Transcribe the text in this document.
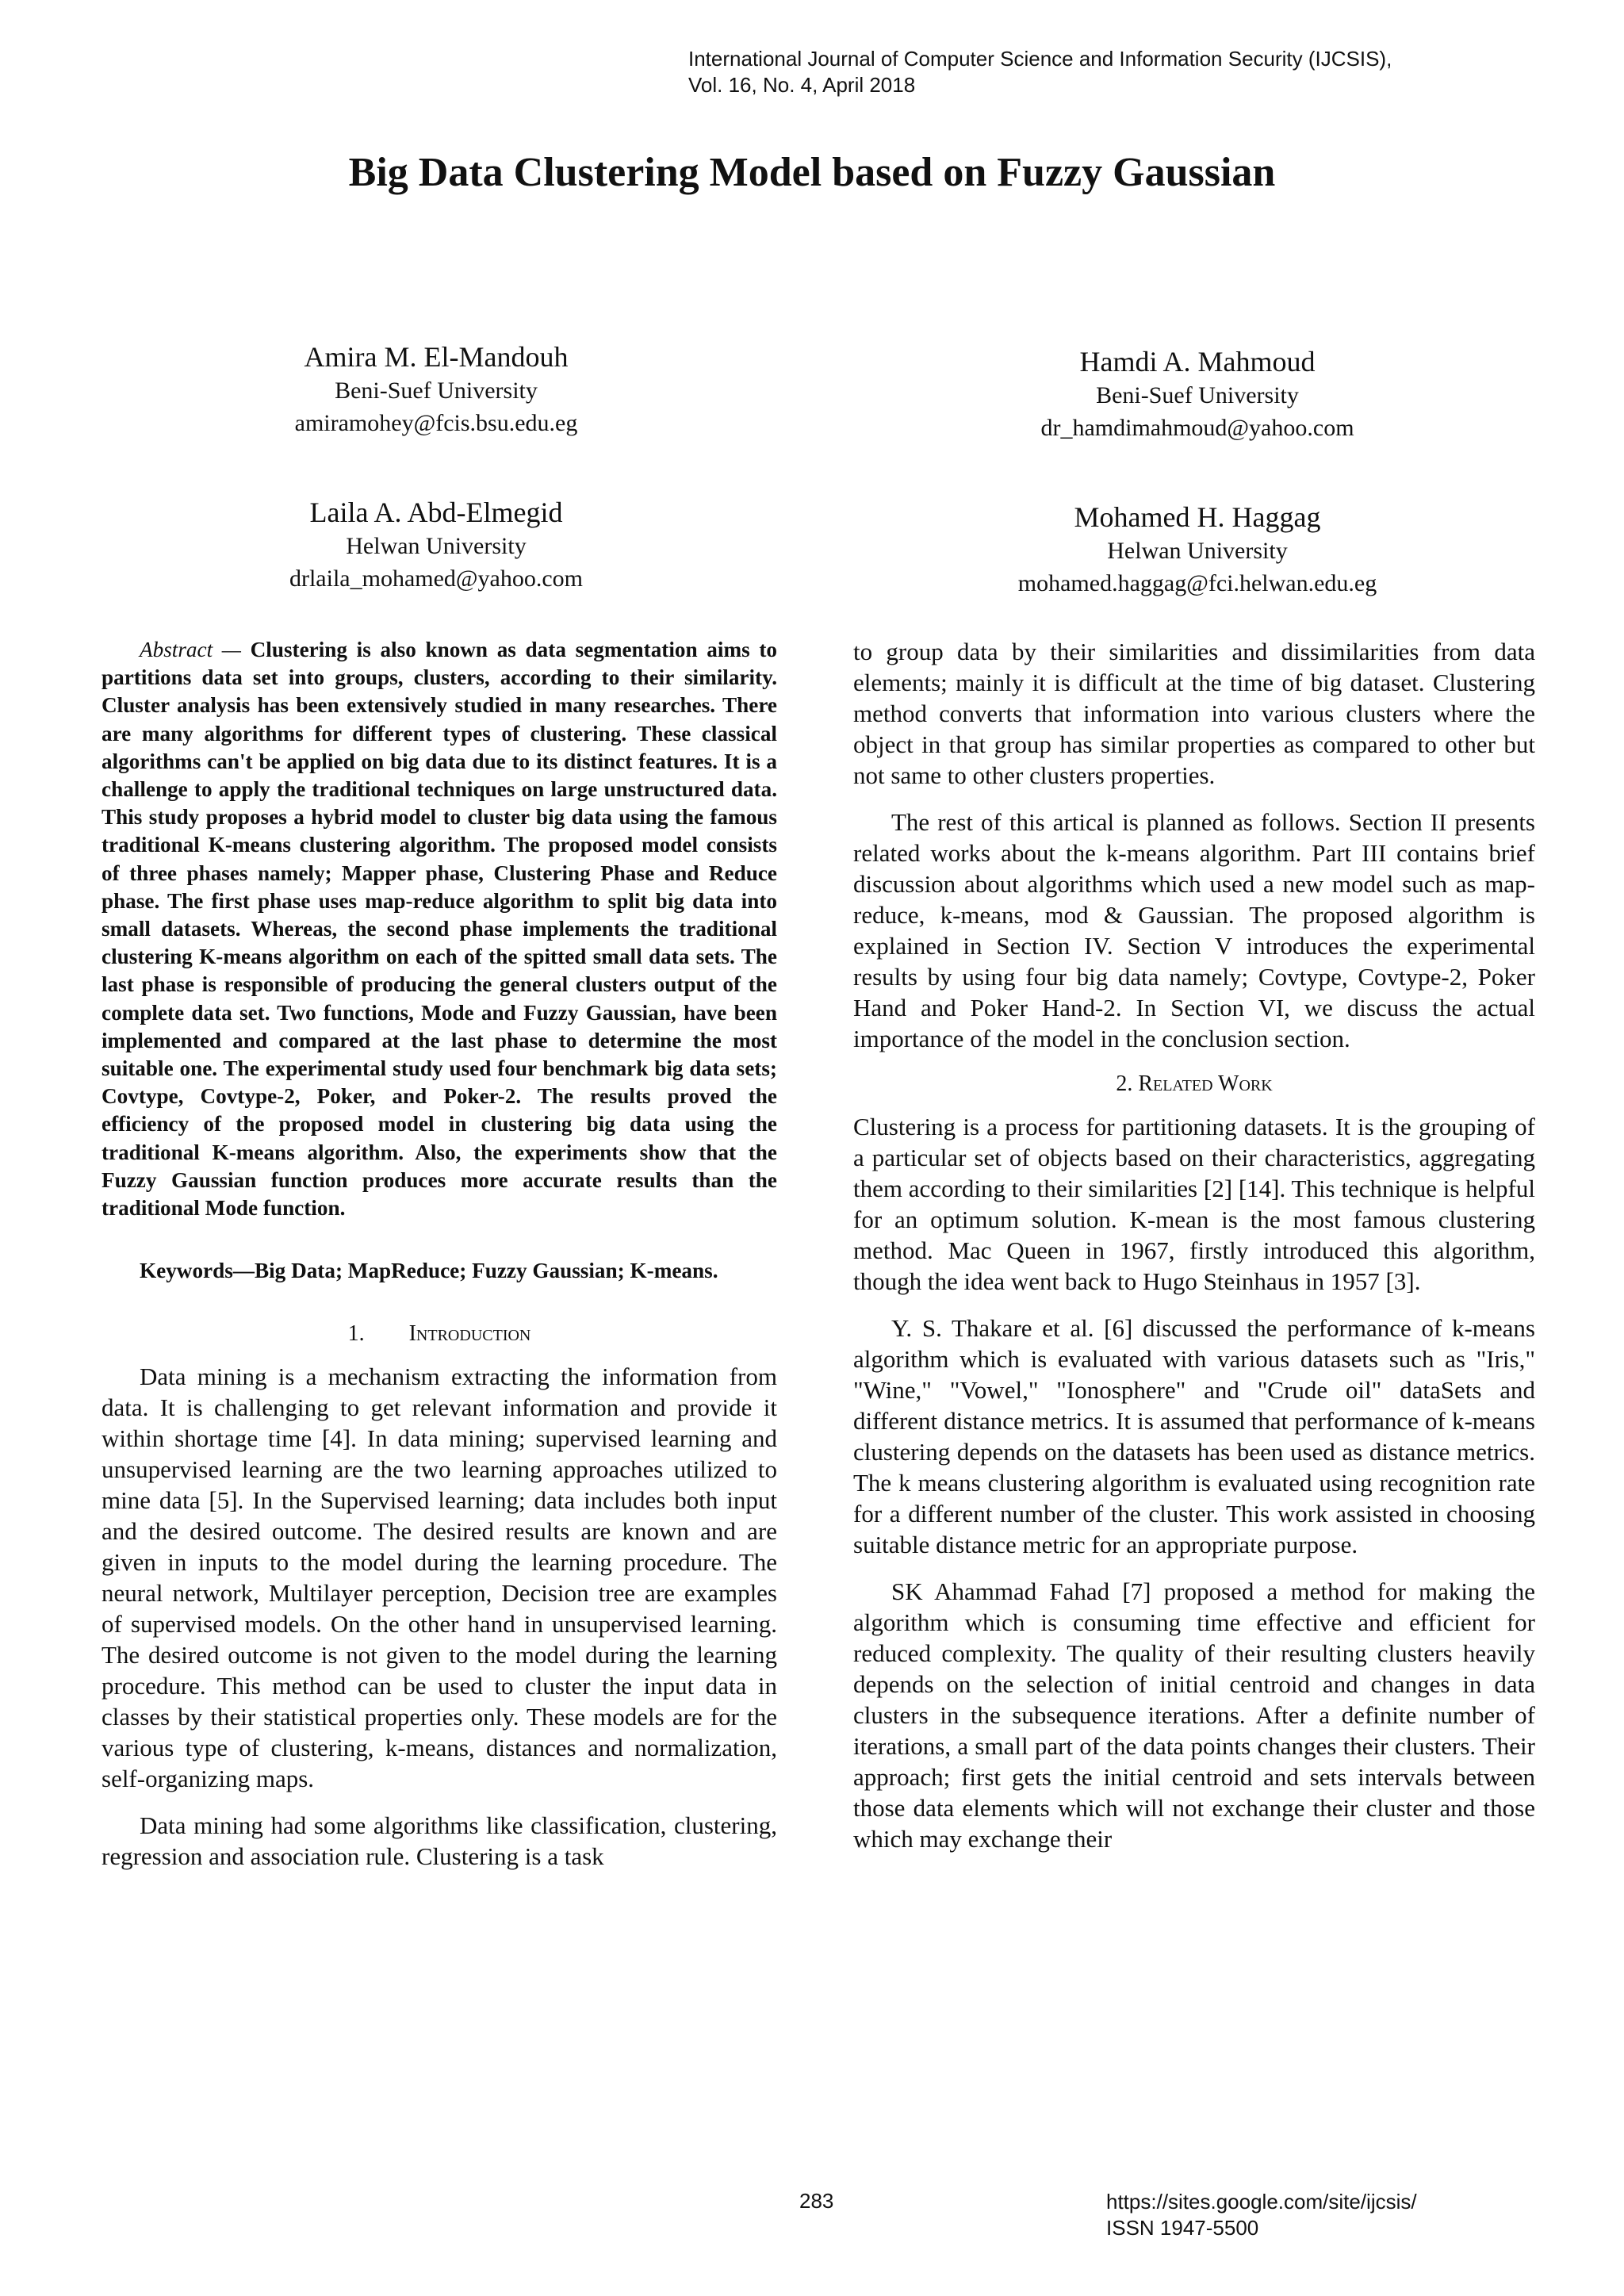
International Journal of Computer Science and Information Security (IJCSIS),
Vol. 16, No. 4, April 2018
Big Data Clustering Model based on Fuzzy Gaussian
Amira M. El-Mandouh
Beni-Suef University
amiramohey@fcis.bsu.edu.eg
Hamdi A. Mahmoud
Beni-Suef University
dr_hamdimahmoud@yahoo.com
Laila A. Abd-Elmegid
Helwan University
drlaila_mohamed@yahoo.com
Mohamed H. Haggag
Helwan University
mohamed.haggag@fci.helwan.edu.eg

Abstract — Clustering is also known as data segmentation aims to partitions data set into groups, clusters, according to their similarity. Cluster analysis has been extensively studied in many researches. There are many algorithms for different types of clustering. These classical algorithms can't be applied on big data due to its distinct features. It is a challenge to apply the traditional techniques on large unstructured data. This study proposes a hybrid model to cluster big data using the famous traditional K-means clustering algorithm. The proposed model consists of three phases namely; Mapper phase, Clustering Phase and Reduce phase. The first phase uses map-reduce algorithm to split big data into small datasets. Whereas, the second phase implements the traditional clustering K-means algorithm on each of the spitted small data sets. The last phase is responsible of producing the general clusters output of the complete data set. Two functions, Mode and Fuzzy Gaussian, have been implemented and compared at the last phase to determine the most suitable one. The experimental study used four benchmark big data sets; Covtype, Covtype-2, Poker, and Poker-2. The results proved the efficiency of the proposed model in clustering big data using the traditional K-means algorithm. Also, the experiments show that the Fuzzy Gaussian function produces more accurate results than the traditional Mode function.

Keywords—Big Data; MapReduce; Fuzzy Gaussian; K-means.

1. Introduction

Data mining is a mechanism extracting the information from data. It is challenging to get relevant information and provide it within shortage time [4]. In data mining; supervised learning and unsupervised learning are the two learning approaches utilized to mine data [5]. In the Supervised learning; data includes both input and the desired outcome. The desired results are known and are given in inputs to the model during the learning procedure. The neural network, Multilayer perception, Decision tree are examples of supervised models. On the other hand in unsupervised learning. The desired outcome is not given to the model during the learning procedure. This method can be used to cluster the input data in classes by their statistical properties only. These models are for the various type of clustering, k-means, distances and normalization, self-organizing maps.

Data mining had some algorithms like classification, clustering, regression and association rule. Clustering is a task

to group data by their similarities and dissimilarities from data elements; mainly it is difficult at the time of big dataset. Clustering method converts that information into various clusters where the object in that group has similar properties as compared to other but not same to other clusters properties.

The rest of this artical is planned as follows. Section II presents related works about the k-means algorithm. Part III contains brief discussion about algorithms which used a new model such as map-reduce, k-means, mod & Gaussian. The proposed algorithm is explained in Section IV. Section V introduces the experimental results by using four big data namely; Covtype, Covtype-2, Poker Hand and Poker Hand-2. In Section VI, we discuss the actual importance of the model in the conclusion section.

2. Related Work

Clustering is a process for partitioning datasets. It is the grouping of a particular set of objects based on their characteristics, aggregating them according to their similarities [2] [14]. This technique is helpful for an optimum solution. K-mean is the most famous clustering method. Mac Queen in 1967, firstly introduced this algorithm, though the idea went back to Hugo Steinhaus in 1957 [3].

Y. S. Thakare et al. [6] discussed the performance of k-means algorithm which is evaluated with various datasets such as "Iris," "Wine," "Vowel," "Ionosphere" and "Crude oil" dataSets and different distance metrics. It is assumed that performance of k-means clustering depends on the datasets has been used as distance metrics. The k means clustering algorithm is evaluated using recognition rate for a different number of the cluster. This work assisted in choosing suitable distance metric for an appropriate purpose.

SK Ahammad Fahad [7] proposed a method for making the algorithm which is consuming time effective and efficient for reduced complexity. The quality of their resulting clusters heavily depends on the selection of initial centroid and changes in data clusters in the subsequence iterations. After a definite number of iterations, a small part of the data points changes their clusters. Their approach; first gets the initial centroid and sets intervals between those data elements which will not exchange their cluster and those which may exchange their

283	https://sites.google.com/site/ijcsis/
ISSN 1947-5500
